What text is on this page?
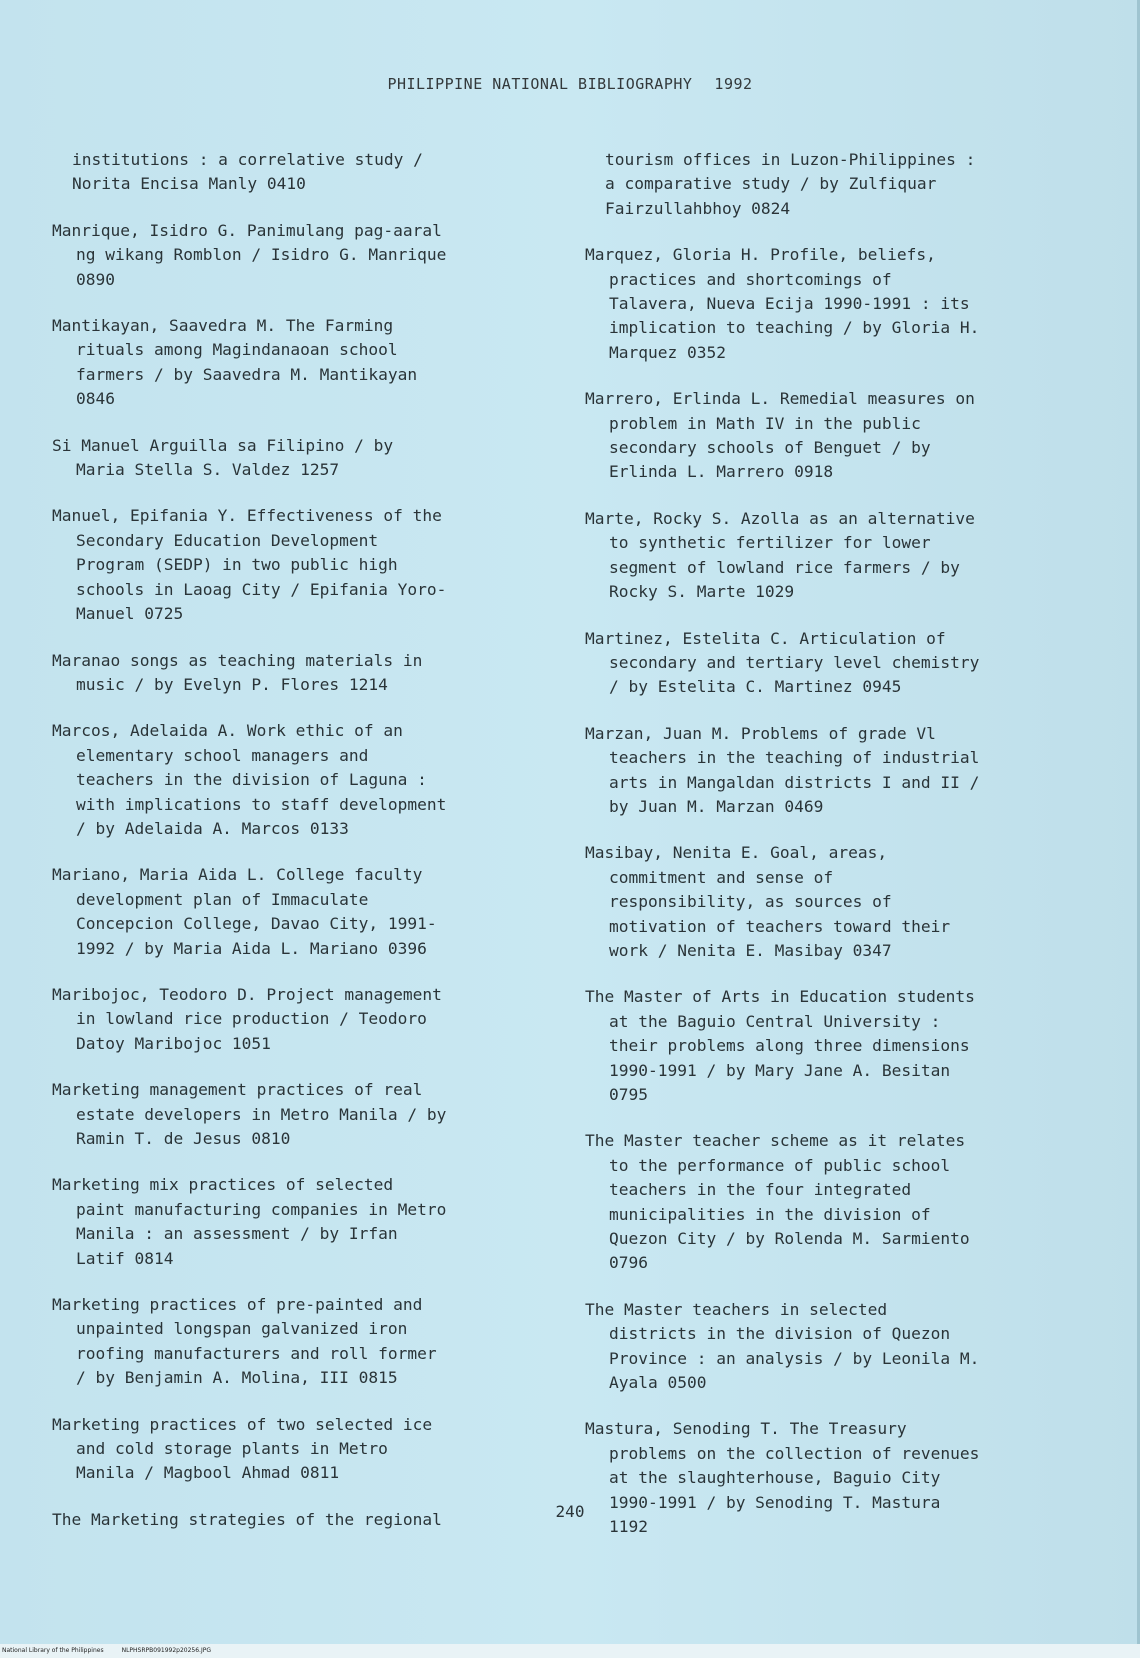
PHILIPPINE NATIONAL BIBLIOGRAPHY 1992
institutions : a correlative study /
Norita Encisa Manly 0410
Manrique, Isidro G. Panimulang pag-aaral
ng wikang Romblon / Isidro G. Manrique
0890
Mantikayan, Saavedra M. The Farming
rituals among Magindanaoan school
farmers / by Saavedra M. Mantikayan
0846
Si Manuel Arguilla sa Filipino / by
Maria Stella S. Valdez 1257
Manuel, Epifania Y. Effectiveness of the
Secondary Education Development
Program (SEDP) in two public high
schools in Laoag City / Epifania Yoro-
Manuel 0725
Maranao songs as teaching materials in
music / by Evelyn P. Flores 1214
Marcos, Adelaida A. Work ethic of an
elementary school managers and
teachers in the division of Laguna :
with implications to staff development
/ by Adelaida A. Marcos 0133
Mariano, Maria Aida L. College faculty
development plan of Immaculate
Concepcion College, Davao City, 1991-
1992 / by Maria Aida L. Mariano 0396
Maribojoc, Teodoro D. Project management
in lowland rice production / Teodoro
Datoy Maribojoc 1051
Marketing management practices of real
estate developers in Metro Manila / by
Ramin T. de Jesus 0810
Marketing mix practices of selected
paint manufacturing companies in Metro
Manila : an assessment / by Irfan
Latif 0814
Marketing practices of pre-painted and
unpainted longspan galvanized iron
roofing manufacturers and roll former
/ by Benjamin A. Molina, III 0815
Marketing practices of two selected ice
and cold storage plants in Metro
Manila / Magbool Ahmad 0811
The Marketing strategies of the regional
tourism offices in Luzon-Philippines :
a comparative study / by Zulfiquar
Fairzullahbhoy 0824
Marquez, Gloria H. Profile, beliefs,
practices and shortcomings of
Talavera, Nueva Ecija 1990-1991 : its
implication to teaching / by Gloria H.
Marquez 0352
Marrero, Erlinda L. Remedial measures on
problem in Math IV in the public
secondary schools of Benguet / by
Erlinda L. Marrero 0918
Marte, Rocky S. Azolla as an alternative
to synthetic fertilizer for lower
segment of lowland rice farmers / by
Rocky S. Marte 1029
Martinez, Estelita C. Articulation of
secondary and tertiary level chemistry
/ by Estelita C. Martinez 0945
Marzan, Juan M. Problems of grade Vl
teachers in the teaching of industrial
arts in Mangaldan districts I and II /
by Juan M. Marzan 0469
Masibay, Nenita E. Goal, areas,
commitment and sense of
responsibility, as sources of
motivation of teachers toward their
work / Nenita E. Masibay 0347
The Master of Arts in Education students
at the Baguio Central University :
their problems along three dimensions
1990-1991 / by Mary Jane A. Besitan
0795
The Master teacher scheme as it relates
to the performance of public school
teachers in the four integrated
municipalities in the division of
Quezon City / by Rolenda M. Sarmiento
0796
The Master teachers in selected
districts in the division of Quezon
Province : an analysis / by Leonila M.
Ayala 0500
Mastura, Senoding T. The Treasury
problems on the collection of revenues
at the slaughterhouse, Baguio City
1990-1991 / by Senoding T. Mastura
1192
240
National Library of the Philippines	NLPHSRPB091992p20256.JPG
